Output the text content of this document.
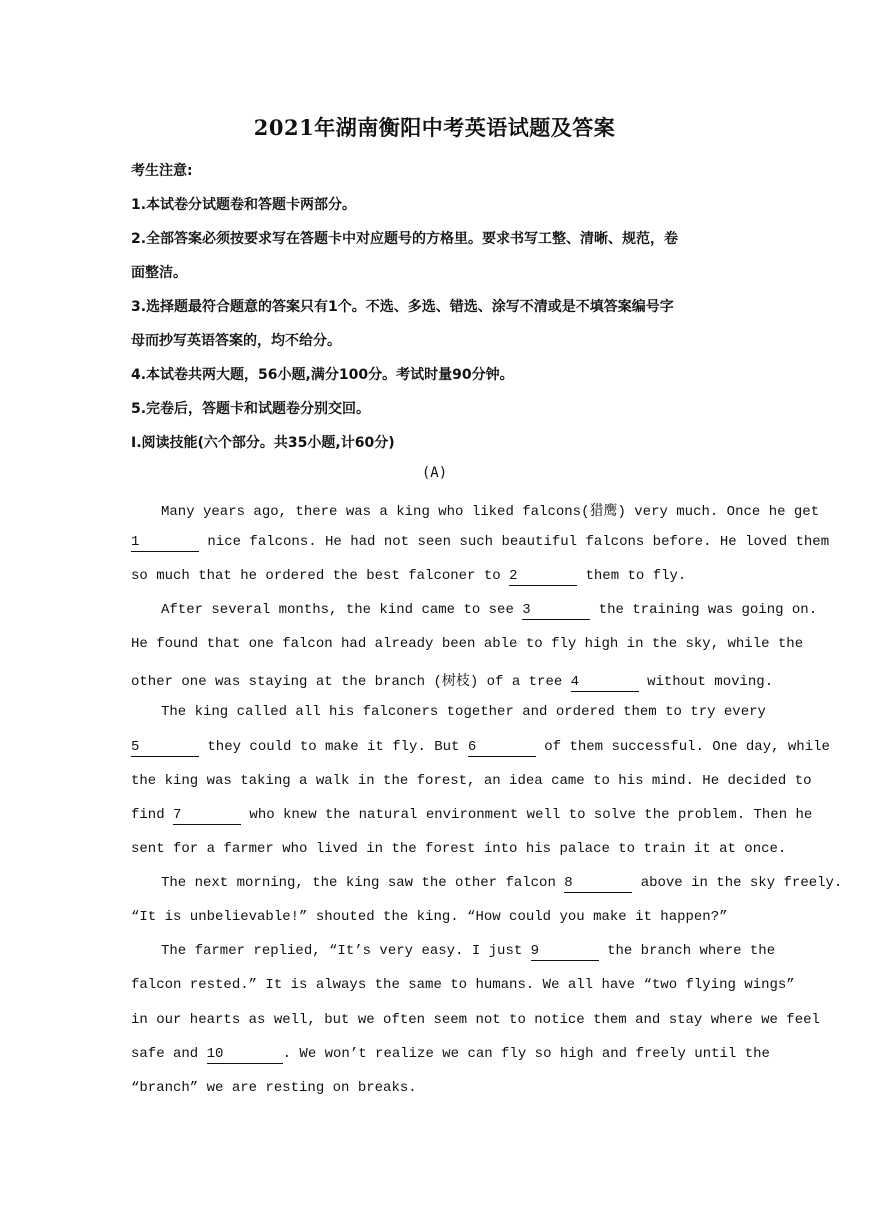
2021年湖南衡阳中考英语试题及答案
考生注意:
1.本试卷分试题卷和答题卡两部分。
2.全部答案必须按要求写在答题卡中对应题号的方格里。要求书写工整、清晰、规范，卷
面整洁。
3.选择题最符合题意的答案只有1个。不选、多选、错选、涂写不清或是不填答案编号字
母而抄写英语答案的，均不给分。
4.本试卷共两大题，56小题,满分100分。考试时量90分钟。
5.完卷后，答题卡和试题卷分别交回。
I.阅读技能(六个部分。共35小题,计60分)
(A)
Many years ago, there was a king who liked falcons(猎鹰) very much. Once he get
1	nice falcons. He had not seen such beautiful falcons before. He loved them
so much that he ordered the best falconer to 2	them to fly.
After several months, the kind came to see 3	the training was going on.
He found that one falcon had already been able to fly high in the sky, while the
other one was staying at the branch (树枝) of a tree 4	without moving.
The king called all his falconers together and ordered them to try every
5	they could to make it fly. But 6	of them successful. One day, while
the king was taking a walk in the forest, an idea came to his mind. He decided to
find 7	who knew the natural environment well to solve the problem. Then he
sent for a farmer who lived in the forest into his palace to train it at once.
The next morning, the king saw the other falcon 8	above in the sky freely.
“It is unbelievable!” shouted the king. “How could you make it happen?”
The farmer replied, “It’s very easy. I just 9	the branch where the
falcon rested.” It is always the same to humans. We all have “two flying wings”
in our hearts as well, but we often seem not to notice them and stay where we feel
safe and 10	. We won’t realize we can fly so high and freely until the
“branch” we are resting on breaks.
